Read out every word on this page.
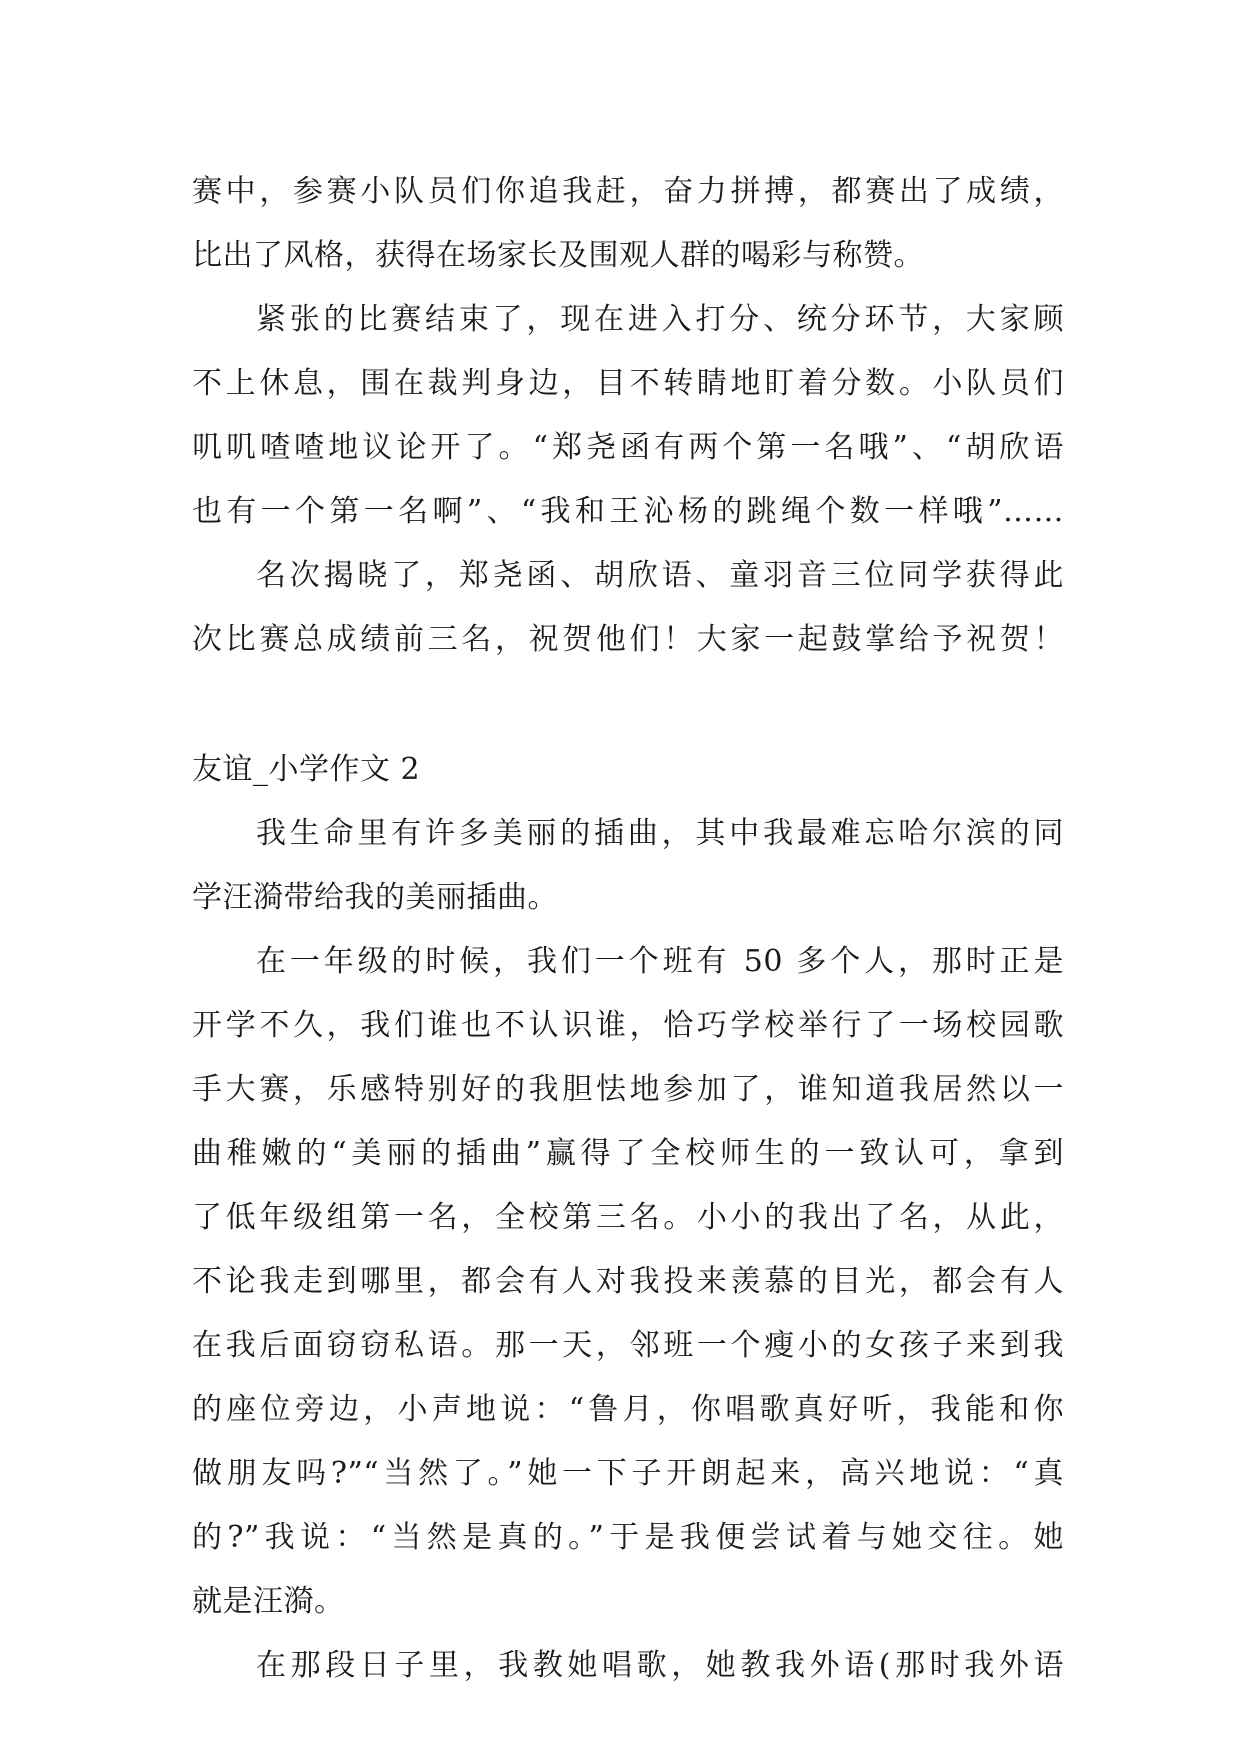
赛中，参赛小队员们你追我赶，奋力拼搏，都赛出了成绩，
比出了风格，获得在场家长及围观人群的喝彩与称赞。
紧张的比赛结束了，现在进入打分、统分环节，大家顾
不上休息，围在裁判身边，目不转睛地盯着分数。小队员们
叽叽喳喳地议论开了。“郑尧函有两个第一名哦”、“胡欣语
也有一个第一名啊”、“我和王沁杨的跳绳个数一样哦”……
名次揭晓了，郑尧函、胡欣语、童羽音三位同学获得此
次比赛总成绩前三名，祝贺他们！大家一起鼓掌给予祝贺！
友谊_小学作文 2
我生命里有许多美丽的插曲，其中我最难忘哈尔滨的同
学汪漪带给我的美丽插曲。
在一年级的时候，我们一个班有 50 多个人，那时正是
开学不久，我们谁也不认识谁，恰巧学校举行了一场校园歌
手大赛，乐感特别好的我胆怯地参加了，谁知道我居然以一
曲稚嫩的“美丽的插曲”赢得了全校师生的一致认可，拿到
了低年级组第一名，全校第三名。小小的我出了名，从此，
不论我走到哪里，都会有人对我投来羡慕的目光，都会有人
在我后面窃窃私语。那一天，邻班一个瘦小的女孩子来到我
的座位旁边，小声地说：“鲁月，你唱歌真好听，我能和你
做朋友吗?”“当然了。”她一下子开朗起来，高兴地说：“真
的?”我说：“当然是真的。”于是我便尝试着与她交往。她
就是汪漪。
在那段日子里，我教她唱歌，她教我外语(那时我外语
